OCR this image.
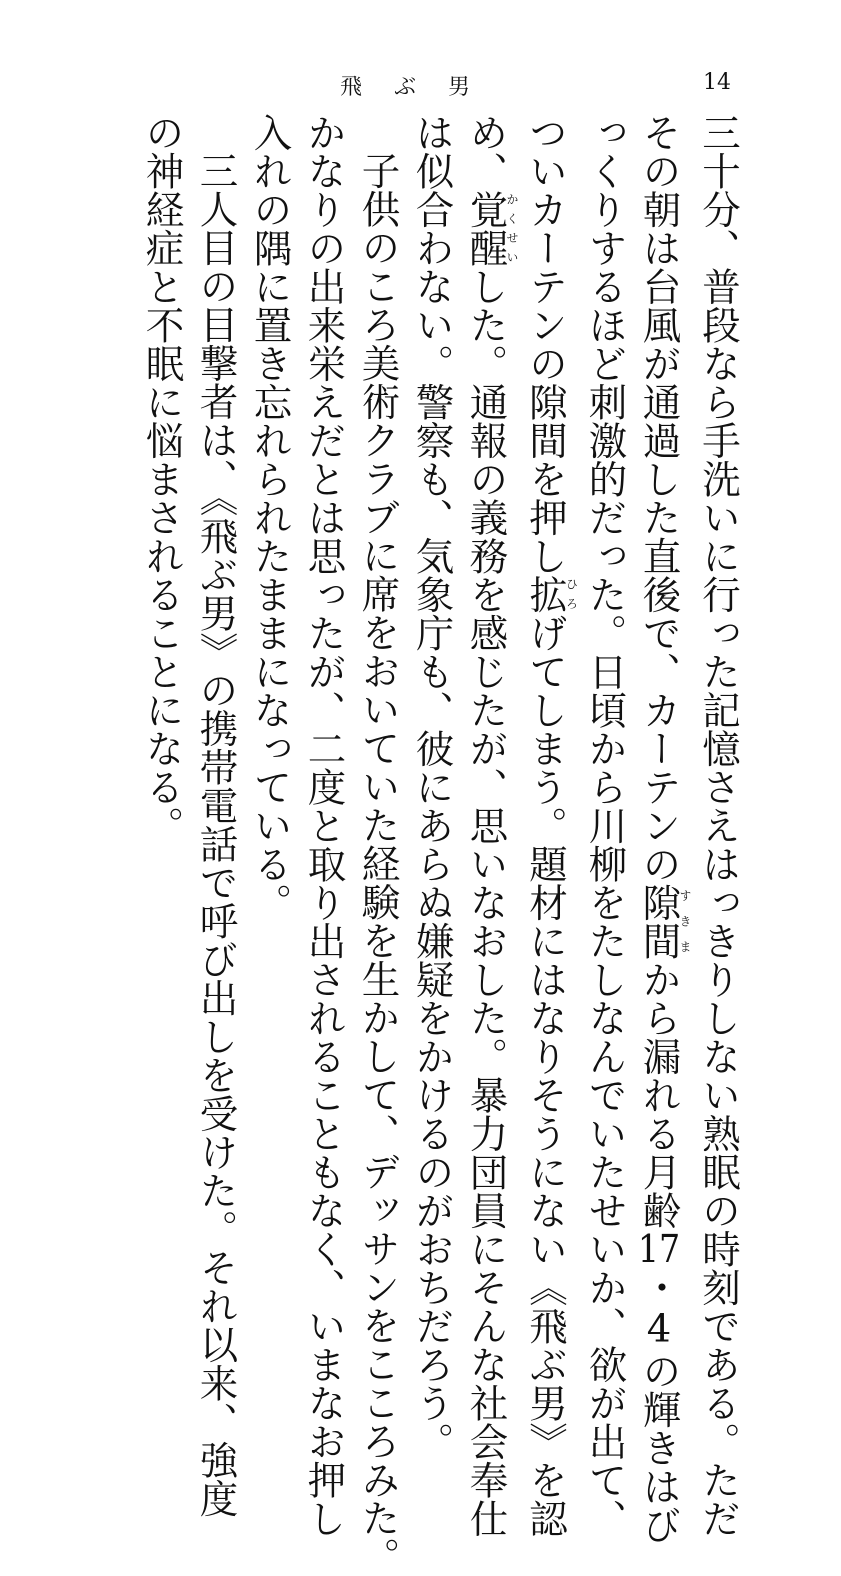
飛ぶ男	14
三十分、普段なら手洗いに行った記憶さえはっきりしない熟眠の時刻である。ただ
その朝は台風が通過した直後で、カーテンの隙間すきまから漏れる月齢17・4の輝きはび
っくりするほど刺激的だった。日頃から川柳をたしなんでいたせいか、欲が出て、
ついカーテンの隙間を押し拡ひろげてしまう。題材にはなりそうにない《飛ぶ男》を認
め、覚醒かくせいした。通報の義務を感じたが、思いなおした。暴力団員にそんな社会奉仕
は似合わない。警察も、気象庁も、彼にあらぬ嫌疑をかけるのがおちだろう。
子供のころ美術クラブに席をおいていた経験を生かして、デッサンをこころみた。
かなりの出来栄えだとは思ったが、二度と取り出されることもなく、いまなお押し
入れの隅に置き忘れられたままになっている。
三人目の目撃者は、《飛ぶ男》の携帯電話で呼び出しを受けた。それ以来、強度
の神経症と不眠に悩まされることになる。
